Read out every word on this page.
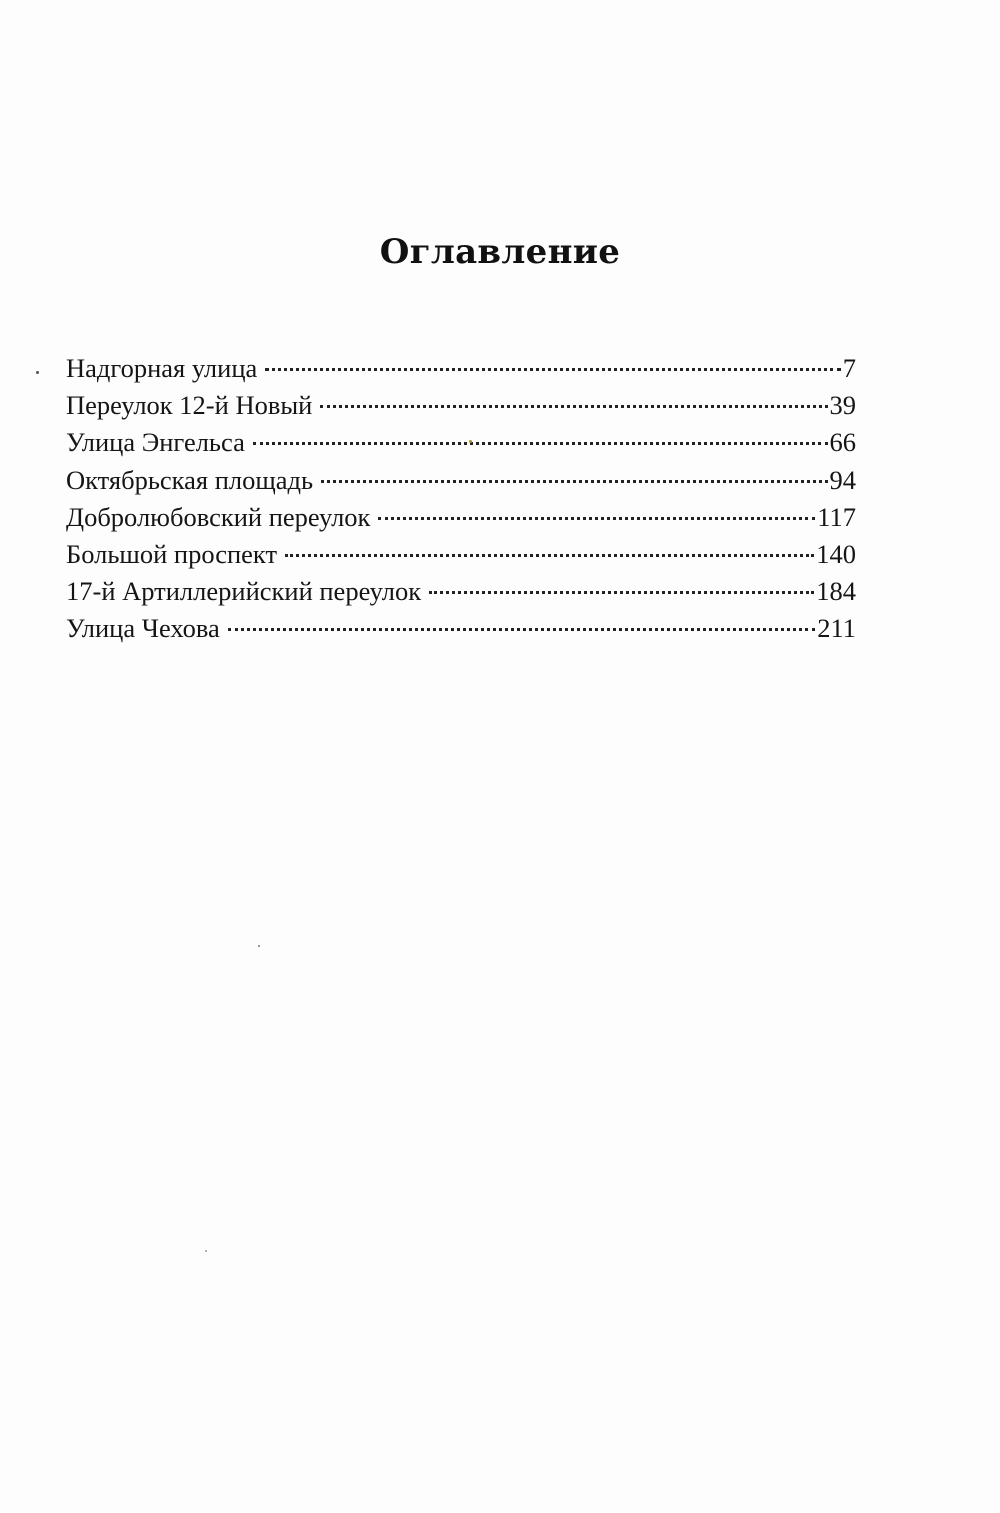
Оглавление
Надгорная улица	7
Переулок 12-й Новый	39
Улица Энгельса	66
Октябрьская площадь	94
Добролюбовский переулок	117
Большой проспект	140
17-й Артиллерийский переулок	184
Улица Чехова	211
